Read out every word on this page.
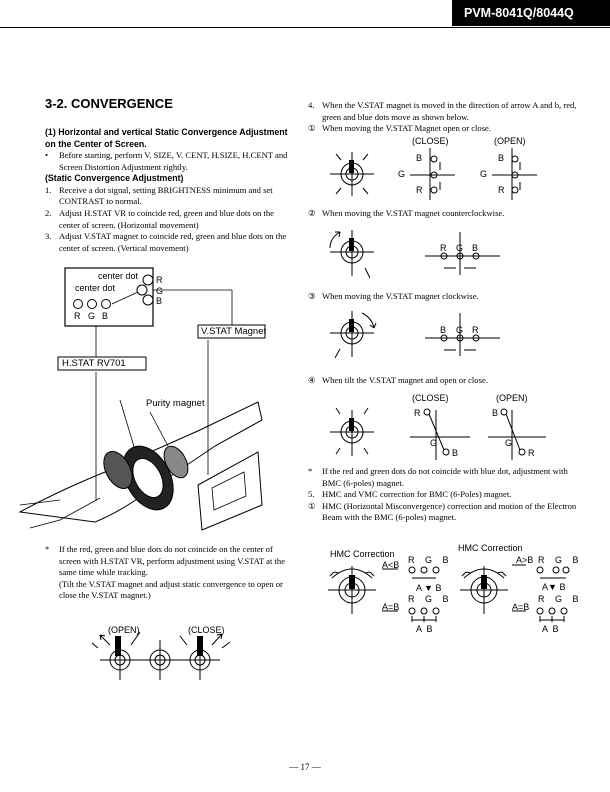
PVM-8041Q/8044Q
3-2. CONVERGENCE
(1) Horizontal and vertical Static Convergence Adjustment on the Center of Screen.
•	Before starting, perform V. SIZE, V. CENT, H.SIZE, H.CENT and Screen Distortion Adjustment rightly.
(Static Convergence Adjustment)
1. Receive a dot signal, setting BRIGHTNESS minimum and set CONTRAST to normal.
2. Adjust H.STAT VR to coincide red, green and blue dots on the center of screen. (Horizontal movement)
3. Adjust V.STAT magnet to coincide red, green and blue dots on the center of screen. (Vertical movement)
center dot
center dot
R
G
B
R G B
V.STAT Magnet
H.STAT RV701
Purity magnet
*	If the red, green and blue dots do not coincide on the center of screen with H.STAT VR, perform adjustment using V.STAT at the same time while tracking.
(Tilt the V.STAT magnet and adjust static convergence to open or close the V.STAT magnet.)
(OPEN)	(CLOSE)
4. When the V.STAT magnet is moved in the direction of arrow A and b, red, green and blue dots move as shown below.
① When moving the V.STAT Magnet open or close.
(CLOSE)	(OPEN)
B
G
R
B
G
R
② When moving the V.STAT magnet counterclockwise.
R G B
③ When moving the V.STAT magnet clockwise.
B G R
④ When tilt the V.STAT magnet and open or close.
(CLOSE)	(OPEN)
R
G
B
B
G
R
*	If the red and green dots do not coincide with blue dot, adjustment with BMC (6-poles) magnet.
5. HMC and VMC correction for BMC (6-Poles) magnet.
① HMC (Horizontal Misconvergence) correction and motion of the Electron Beam with the BMC (6-poles) magnet.
HMC Correction
HMC Correction
A<B	A>B
A=B	A=B
R G B
R G B
A ▼ B
A B
R G B
R G B
A▼ B
A B
— 17 —
